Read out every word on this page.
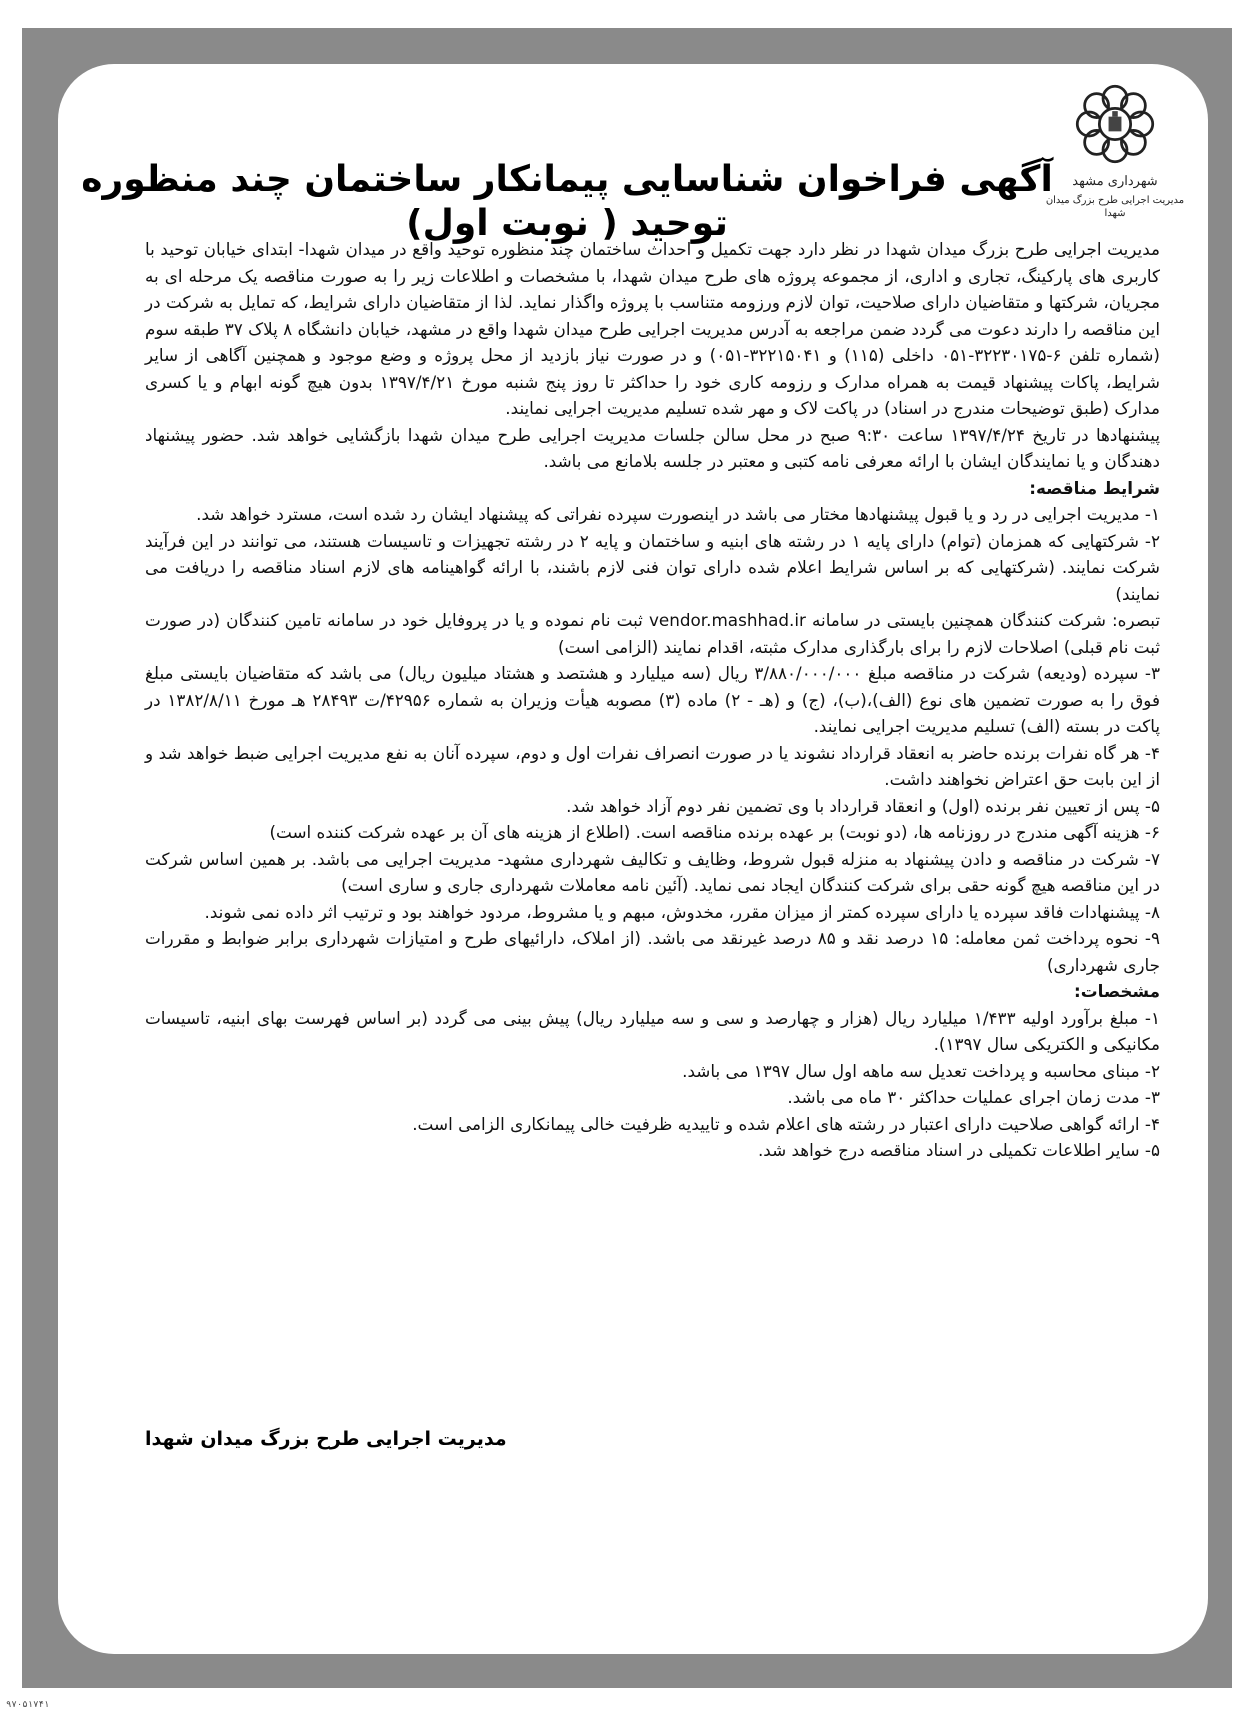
شهرداری مشهد
مدیریت اجرایی طرح بزرگ میدان شهدا
آگهی فراخوان شناسایی پیمانکار ساختمان چند منظوره توحید ( نوبت اول)

مدیریت اجرایی طرح بزرگ میدان شهدا در نظر دارد جهت تکمیل و احداث ساختمان چند منظوره توحید واقع در میدان شهدا- ابتدای خیابان توحید با کاربری های پارکینگ، تجاری و اداری، از مجموعه پروژه های طرح میدان شهدا، با مشخصات و اطلاعات زیر را به صورت مناقصه یک مرحله ای به مجریان، شرکتها و متقاضیان دارای صلاحیت، توان لازم ورزومه متناسب با پروژه واگذار نماید. لذا از متقاضیان دارای شرایط، که تمایل به شرکت در این مناقصه را دارند دعوت می گردد ضمن مراجعه به آدرس مدیریت اجرایی طرح میدان شهدا واقع در مشهد، خیابان دانشگاه ۸ پلاک ۳۷ طبقه سوم (شماره تلفن ۶-۳۲۲۳۰۱۷۵-۰۵۱ داخلی (۱۱۵) و ۳۲۲۱۵۰۴۱-۰۵۱) و در صورت نیاز بازدید از محل پروژه و وضع موجود و همچنین آگاهی از سایر شرایط، پاکات پیشنهاد قیمت به همراه مدارک و رزومه کاری خود را حداکثر تا روز پنج شنبه مورخ ۱۳۹۷/۴/۲۱ بدون هیچ گونه ابهام و یا کسری مدارک (طبق توضیحات مندرج در اسناد) در پاکت لاک و مهر شده تسلیم مدیریت اجرایی نمایند.

پیشنهادها در تاریخ ۱۳۹۷/۴/۲۴ ساعت ۹:۳۰ صبح در محل سالن جلسات مدیریت اجرایی طرح میدان شهدا بازگشایی خواهد شد. حضور پیشنهاد دهندگان و یا نمایندگان ایشان با ارائه معرفی نامه کتبی و معتبر در جلسه بلامانع می باشد.

شرایط مناقصه:

۱- مدیریت اجرایی در رد و یا قبول پیشنهادها مختار می باشد در اینصورت سپرده نفراتی که پیشنهاد ایشان رد شده است، مسترد خواهد شد.

۲- شرکتهایی که همزمان (توام) دارای پایه ۱ در رشته های ابنیه و ساختمان و پایه ۲ در رشته تجهیزات و تاسیسات هستند، می توانند در این فرآیند شرکت نمایند. (شرکتهایی که بر اساس شرایط اعلام شده دارای توان فنی لازم باشند، با ارائه گواهینامه های لازم اسناد مناقصه را دریافت می نمایند)

تبصره: شرکت کنندگان همچنین بایستی در سامانه vendor.mashhad.ir ثبت نام نموده و یا در پروفایل خود در سامانه تامین کنندگان (در صورت ثبت نام قبلی) اصلاحات لازم را برای بارگذاری مدارک مثبته، اقدام نمایند (الزامی است)

۳- سپرده (ودیعه) شرکت در مناقصه مبلغ ۳/۸۸۰/۰۰۰/۰۰۰ ریال (سه میلیارد و هشتصد و هشتاد میلیون ریال) می باشد که متقاضیان بایستی مبلغ فوق را به صورت تضمین های نوع (الف)،(ب)، (ج) و (هـ - ۲) ماده (۳) مصوبه هیأت وزیران به شماره ۴۲۹۵۶/ت ۲۸۴۹۳ هـ مورخ ۱۳۸۲/۸/۱۱ در پاکت در بسته (الف) تسلیم مدیریت اجرایی نمایند.

۴- هر گاه نفرات برنده حاضر به انعقاد قرارداد نشوند یا در صورت انصراف نفرات اول و دوم، سپرده آنان به نفع مدیریت اجرایی ضبط خواهد شد و از این بابت حق اعتراض نخواهند داشت.

۵- پس از تعیین نفر برنده (اول) و انعقاد قرارداد با وی تضمین نفر دوم آزاد خواهد شد.

۶- هزینه آگهی مندرج در روزنامه ها، (دو نوبت) بر عهده برنده مناقصه است. (اطلاع از هزینه های آن بر عهده شرکت کننده است)

۷- شرکت در مناقصه و دادن پیشنهاد به منزله قبول شروط، وظایف و تکالیف شهرداری مشهد- مدیریت اجرایی می باشد. بر همین اساس شرکت در این مناقصه هیچ گونه حقی برای شرکت کنندگان ایجاد نمی نماید. (آئین نامه معاملات شهرداری جاری و ساری است)

۸- پیشنهادات فاقد سپرده یا دارای سپرده کمتر از میزان مقرر، مخدوش، مبهم و یا مشروط، مردود خواهند بود و ترتیب اثر داده نمی شوند.

۹- نحوه پرداخت ثمن معامله: ۱۵ درصد نقد و ۸۵ درصد غیرنقد می باشد. (از املاک، دارائیهای طرح و امتیازات شهرداری برابر ضوابط و مقررات جاری شهرداری)

مشخصات:

۱- مبلغ برآورد اولیه ۱/۴۳۳ میلیارد ریال (هزار و چهارصد و سی و سه میلیارد ریال) پیش بینی می گردد (بر اساس فهرست بهای ابنیه، تاسیسات مکانیکی و الکتریکی سال ۱۳۹۷).

۲- مبنای محاسبه و پرداخت تعدیل سه ماهه اول سال ۱۳۹۷ می باشد.

۳- مدت زمان اجرای عملیات حداکثر ۳۰ ماه می باشد.

۴- ارائه گواهی صلاحیت دارای اعتبار در رشته های اعلام شده و تاییدیه ظرفیت خالی پیمانکاری الزامی است.

۵- سایر اطلاعات تکمیلی در اسناد مناقصه درج خواهد شد.

مدیریت اجرایی طرح بزرگ میدان شهدا
۹۷۰۵۱۷۴۱
